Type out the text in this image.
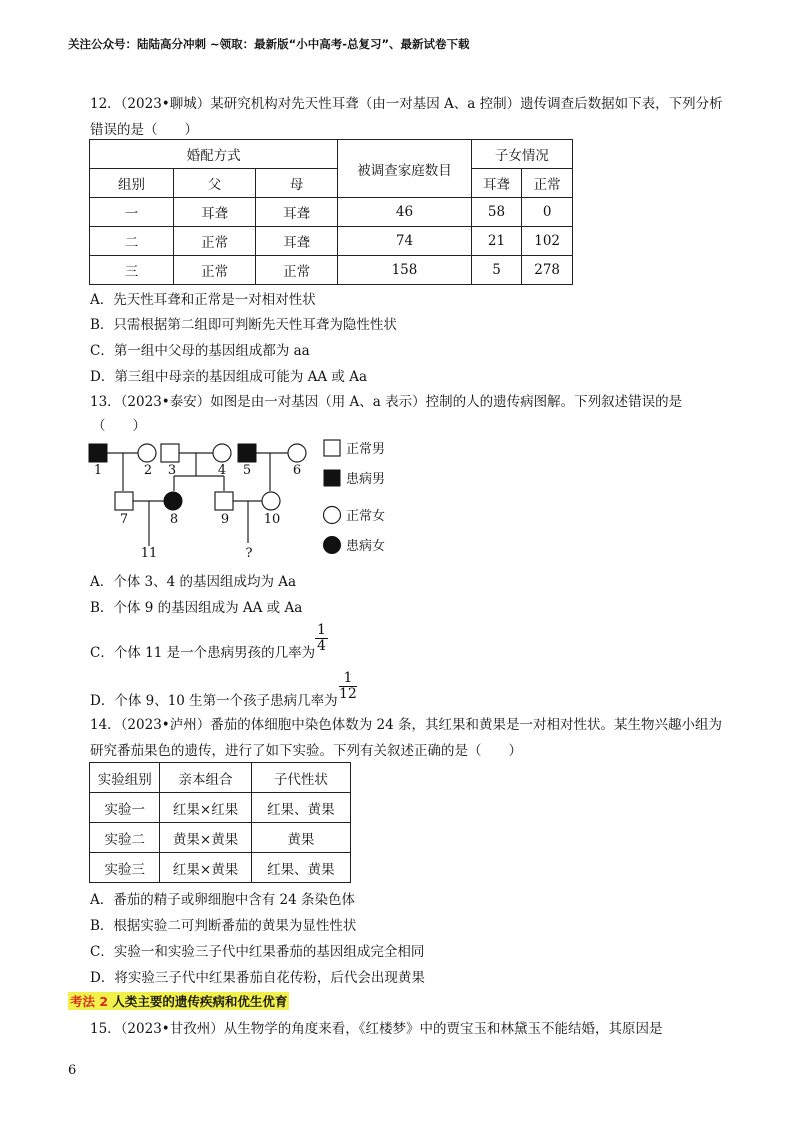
关注公众号：陆陆高分冲刺 ~领取：最新版“小中高考-总复习”、最新试卷下载
12．（2023•聊城）某研究机构对先天性耳聋（由一对基因 A、a 控制）遗传调查后数据如下表，下列分析
错误的是（　　）
婚配方式			被调查家庭数目	子女情况	
组别	父	母		耳聋	正常
一	耳聋	耳聋	46	58	0
二	正常	耳聋	74	21	102
三	正常	正常	158	5	278
A．先天性耳聋和正常是一对相对性状
B．只需根据第二组即可判断先天性耳聋为隐性性状
C．第一组中父母的基因组成都为 aa
D．第三组中母亲的基因组成可能为 AA 或 Aa
13．（2023•泰安）如图是由一对基因（用 A、a 表示）控制的人的遗传病图解。下列叙述错误的是
（　　）
1	2 3	4 5	6
7	8	9	10
11	?
正常男
患病男
正常女
患病女
A．个体 3、4 的基因组成均为 Aa
B．个体 9 的基因组成为 AA 或 Aa
C．个体 11 是一个患病男孩的几率为 $\frac{1}{4}$
D．个体 9、10 生第一个孩子患病几率为 $\frac{1}{12}$
14．（2023•泸州）番茄的体细胞中染色体数为 24 条，其红果和黄果是一对相对性状。某生物兴趣小组为
研究番茄果色的遗传，进行了如下实验。下列有关叙述正确的是（　　）
实验组别	亲本组合	子代性状
实验一	红果×红果	红果、黄果
实验二	黄果×黄果	黄果
实验三	红果×黄果	红果、黄果
A．番茄的精子或卵细胞中含有 24 条染色体
B．根据实验二可判断番茄的黄果为显性性状
C．实验一和实验三子代中红果番茄的基因组成完全相同
D．将实验三子代中红果番茄自花传粉，后代会出现黄果
考法 2 人类主要的遗传疾病和优生优育
15．（2023•甘孜州）从生物学的角度来看，《红楼梦》中的贾宝玉和林黛玉不能结婚，其原因是
6
